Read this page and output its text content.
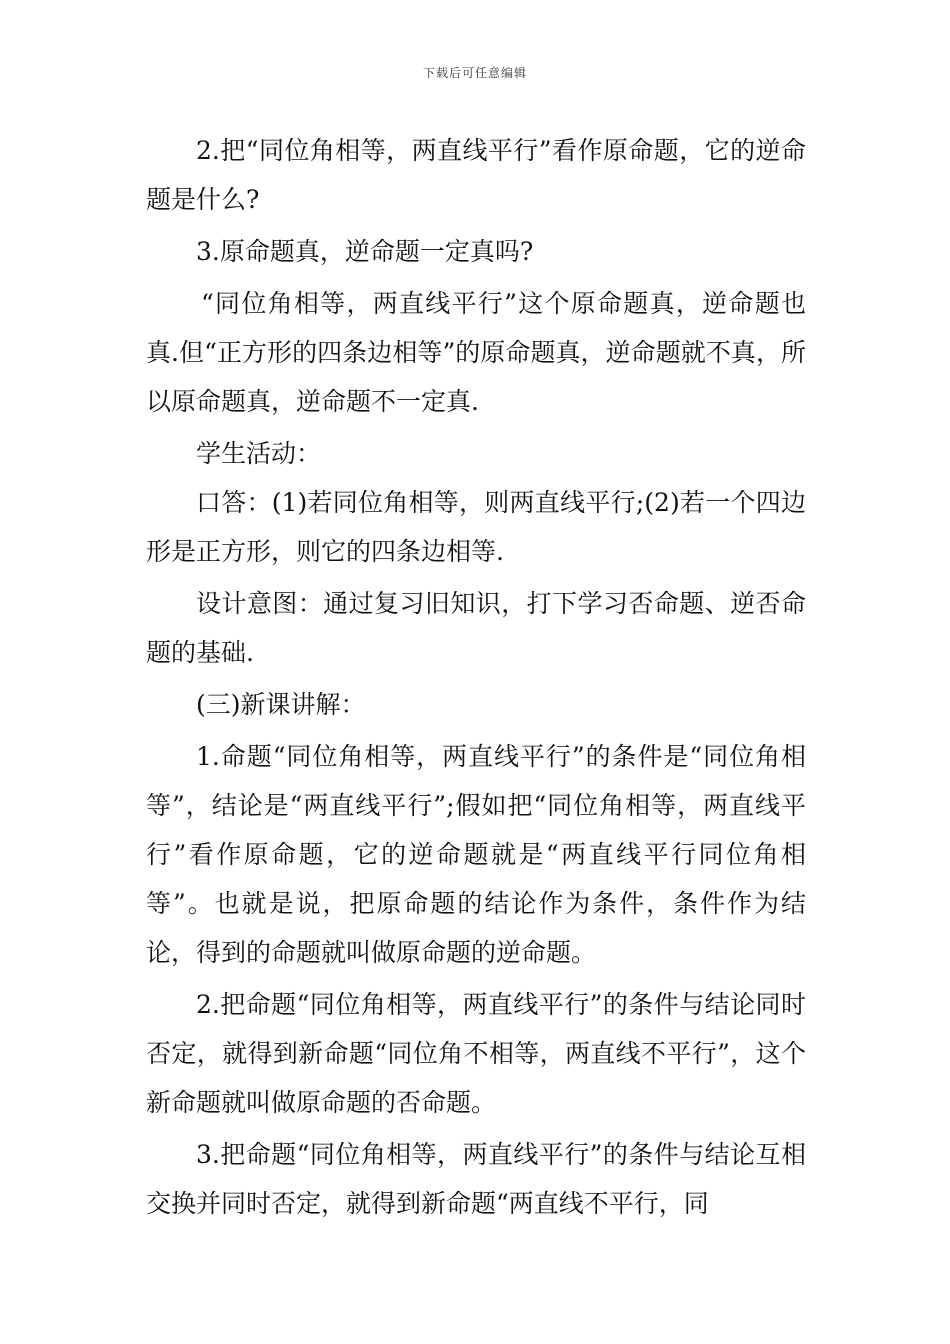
下载后可任意编辑

2.把“同位角相等，两直线平行”看作原命题，它的逆命题是什么?

3.原命题真，逆命题一定真吗?

“同位角相等，两直线平行”这个原命题真，逆命题也真.但“正方形的四条边相等”的原命题真，逆命题就不真，所以原命题真，逆命题不一定真.

学生活动：

口答：(1)若同位角相等，则两直线平行;(2)若一个四边形是正方形，则它的四条边相等.

设计意图：通过复习旧知识，打下学习否命题、逆否命题的基础.

(三)新课讲解：

1.命题“同位角相等，两直线平行”的条件是“同位角相等”，结论是“两直线平行”;假如把“同位角相等，两直线平行”看作原命题，它的逆命题就是“两直线平行同位角相等”。也就是说，把原命题的结论作为条件，条件作为结论，得到的命题就叫做原命题的逆命题。

2.把命题“同位角相等，两直线平行”的条件与结论同时否定，就得到新命题“同位角不相等，两直线不平行”，这个新命题就叫做原命题的否命题。

3.把命题“同位角相等，两直线平行”的条件与结论互相交换并同时否定，就得到新命题“两直线不平行，同
